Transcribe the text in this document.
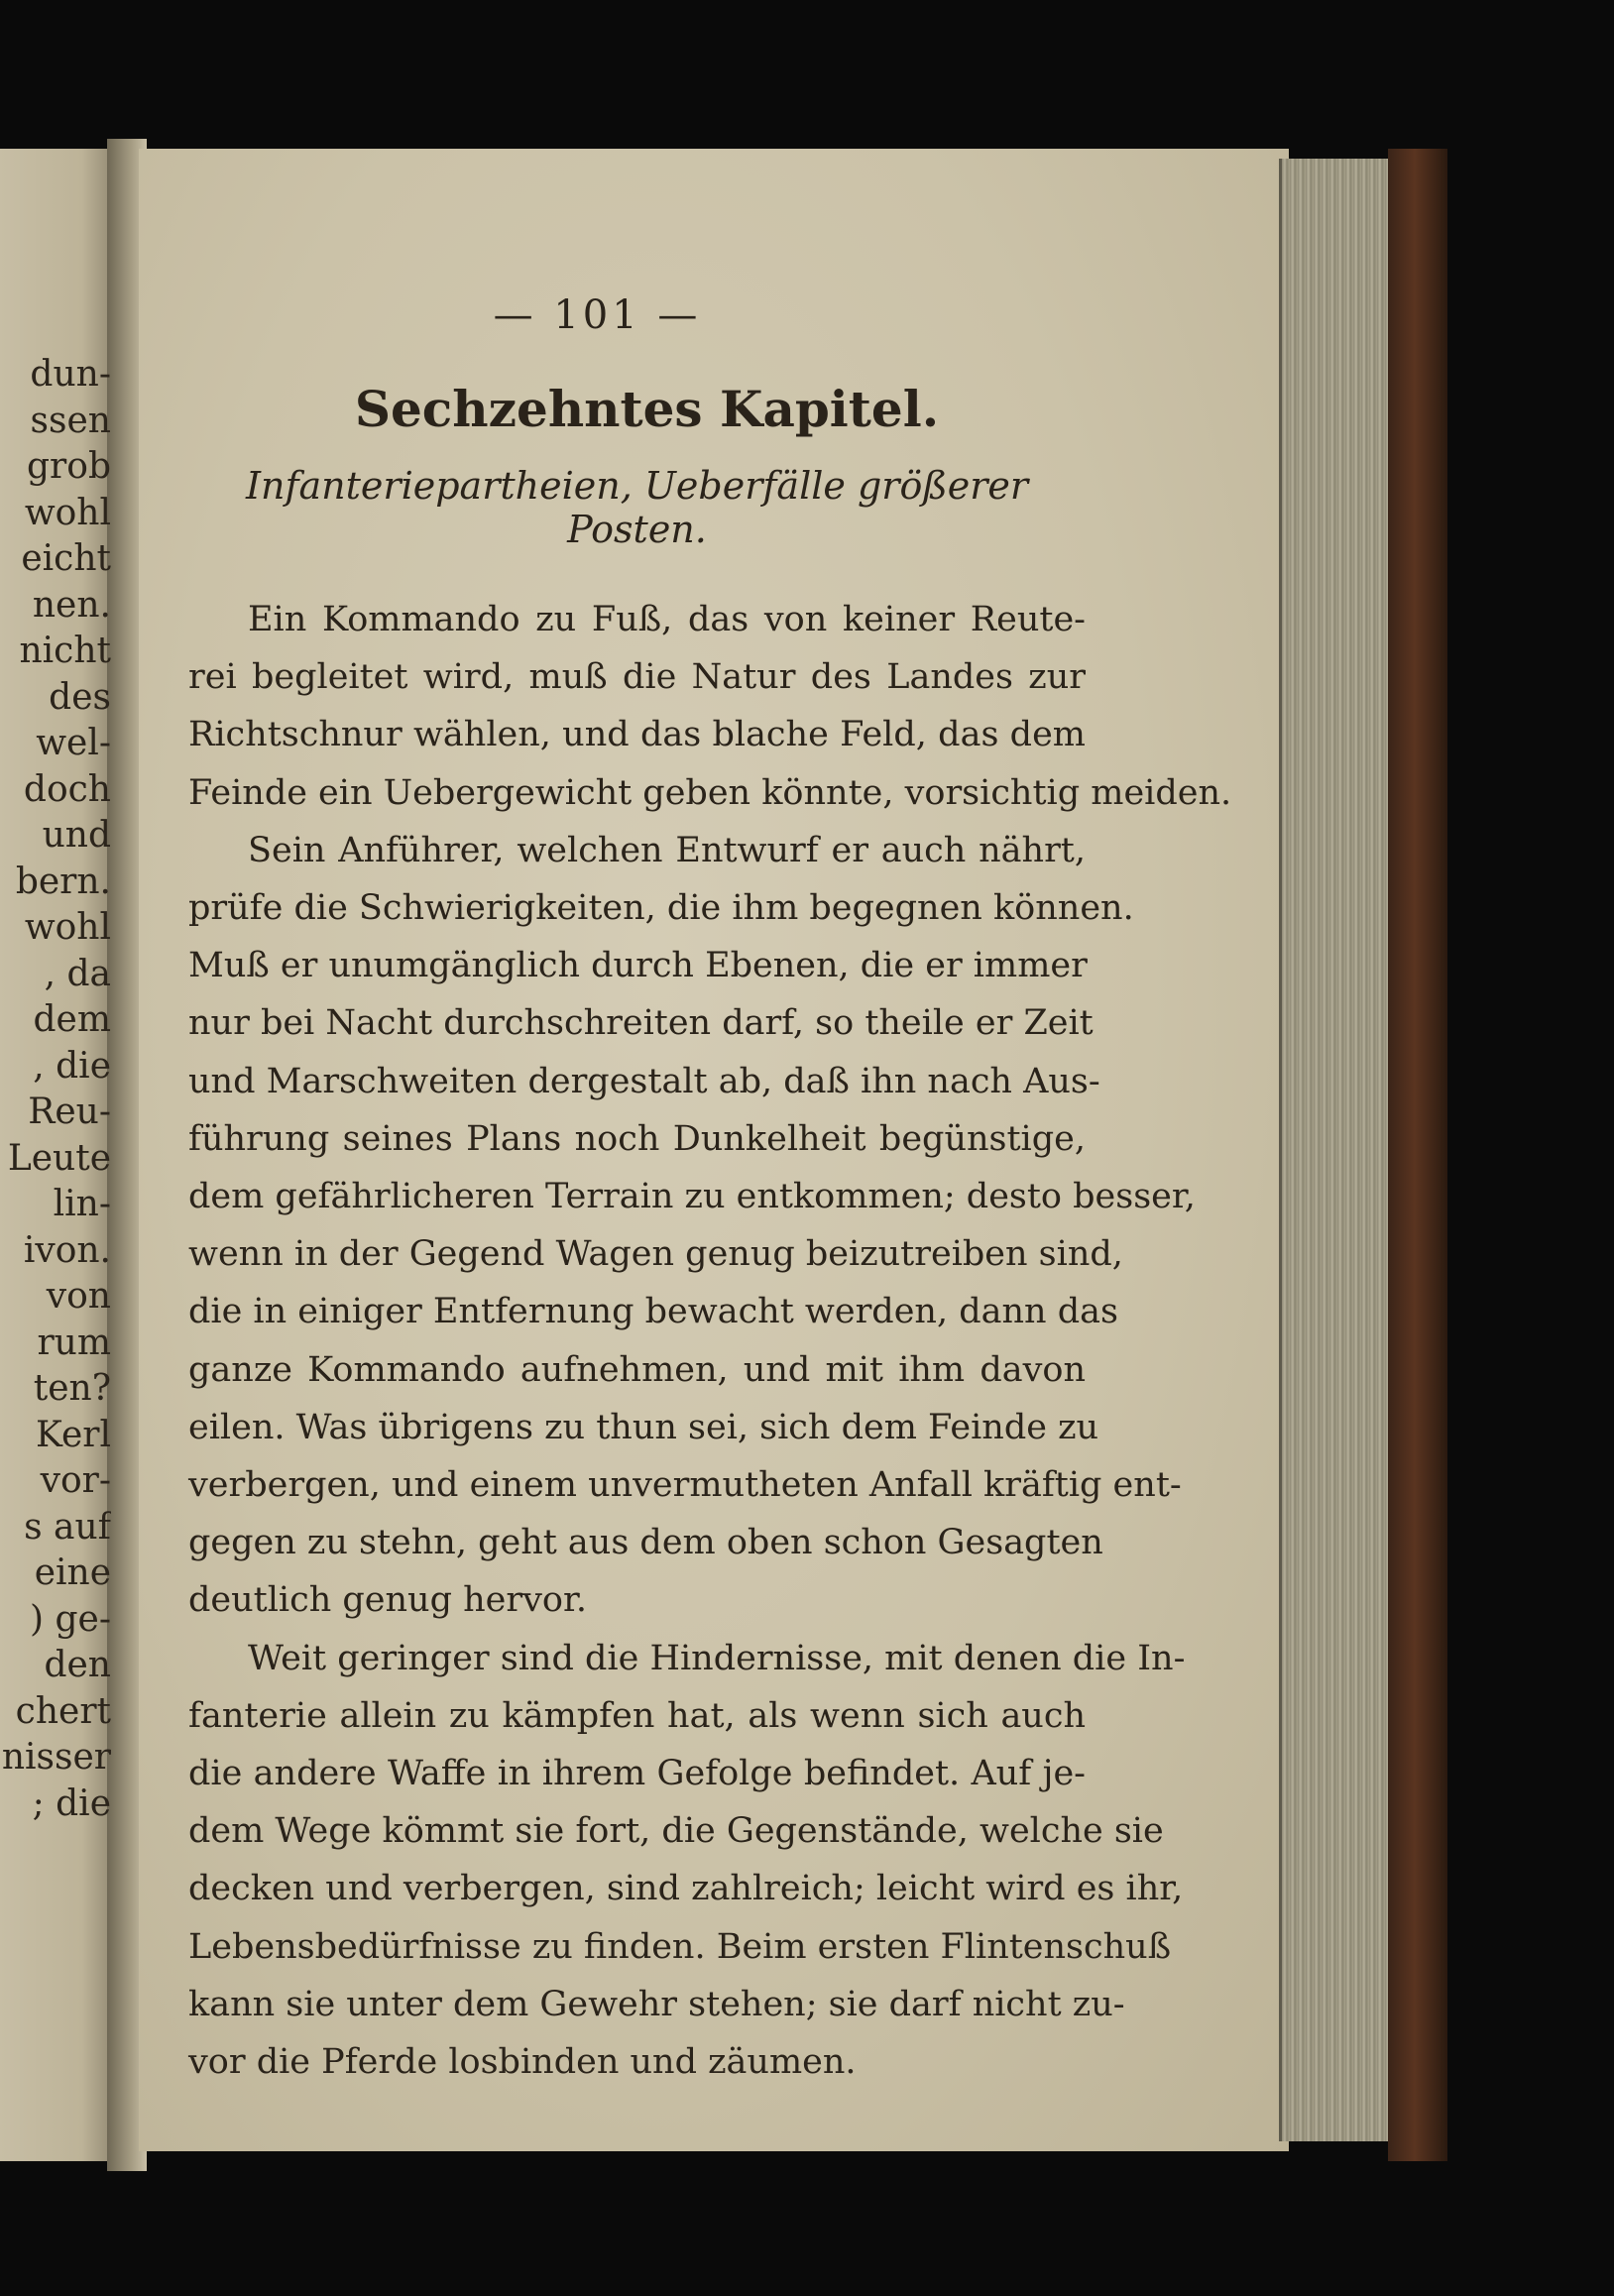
dun-
ssen
grob
wohl
eicht
nen.
nicht
des
wel-
doch
und
bern.
wohl
, da
dem
, die
Reu-
Leute
lin-
ivon.
von
rum
ten?
Kerl
vor-
s auf
eine
) ge-
den
chert
nisser
; die
— 101 —
Sechzehntes Kapitel.
Infanteriepartheien, Ueberfälle größerer Posten.

Ein Kommando zu Fuß, das von keiner Reute-

rei begleitet wird, muß die Natur des Landes zur

Richtschnur wählen, und das blache Feld, das dem

Feinde ein Uebergewicht geben könnte, vorsichtig meiden.

Sein Anführer, welchen Entwurf er auch nährt,

prüfe die Schwierigkeiten, die ihm begegnen können.

Muß er unumgänglich durch Ebenen, die er immer

nur bei Nacht durchschreiten darf, so theile er Zeit

und Marschweiten dergestalt ab, daß ihn nach Aus-

führung seines Plans noch Dunkelheit begünstige,

dem gefährlicheren Terrain zu entkommen; desto besser,

wenn in der Gegend Wagen genug beizutreiben sind,

die in einiger Entfernung bewacht werden, dann das

ganze Kommando aufnehmen, und mit ihm davon

eilen. Was übrigens zu thun sei, sich dem Feinde zu

verbergen, und einem unvermutheten Anfall kräftig ent-

gegen zu stehn, geht aus dem oben schon Gesagten

deutlich genug hervor.

Weit geringer sind die Hindernisse, mit denen die In-

fanterie allein zu kämpfen hat, als wenn sich auch

die andere Waffe in ihrem Gefolge befindet. Auf je-

dem Wege kömmt sie fort, die Gegenstände, welche sie

decken und verbergen, sind zahlreich; leicht wird es ihr,

Lebensbedürfnisse zu finden. Beim ersten Flintenschuß

kann sie unter dem Gewehr stehen; sie darf nicht zu-

vor die Pferde losbinden und zäumen.
